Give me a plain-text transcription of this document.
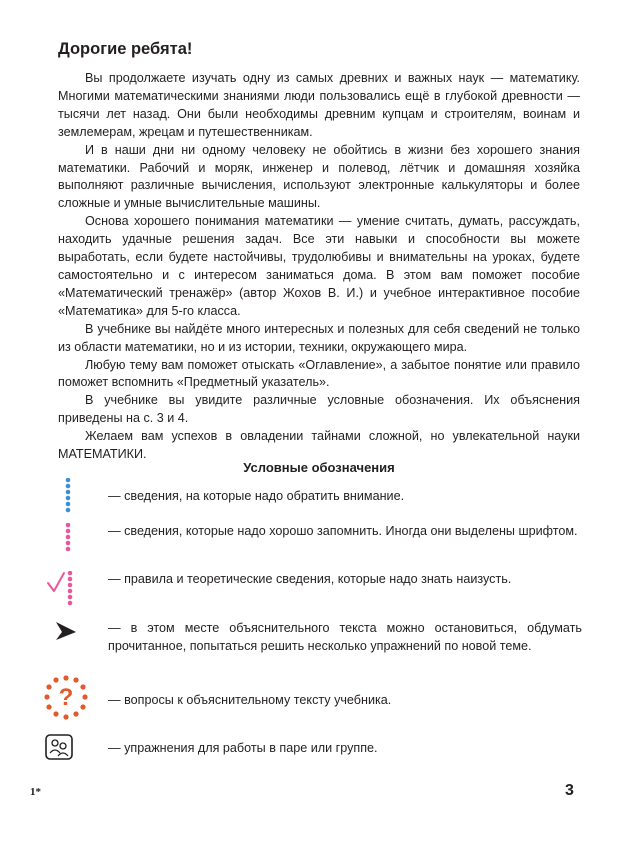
Дорогие ребята!

Вы продолжаете изучать одну из самых древних и важных наук — математику. Многими математическими знаниями люди пользовались ещё в глубокой древности — тысячи лет назад. Они были необходимы древним купцам и строителям, воинам и землемерам, жрецам и путешественникам.

И в наши дни ни одному человеку не обойтись в жизни без хорошего знания математики. Рабочий и моряк, инженер и полевод, лётчик и домашняя хозяйка выполняют различные вычисления, используют электронные калькуляторы и более сложные и умные вычислительные машины.

Основа хорошего понимания математики — умение считать, думать, рассуждать, находить удачные решения задач. Все эти навыки и способности вы можете выработать, если будете настойчивы, трудолюбивы и внимательны на уроках, будете самостоятельно и с интересом заниматься дома. В этом вам поможет пособие «Математический тренажёр» (автор Жохов В. И.) и учебное интерактивное пособие «Математика» для 5-го класса.

В учебнике вы найдёте много интересных и полезных для себя сведений не только из области математики, но и из истории, техники, окружающего мира.

Любую тему вам поможет отыскать «Оглавление», а забытое понятие или правило поможет вспомнить «Предметный указатель».

В учебнике вы увидите различные условные обозначения. Их объяснения приведены на с. 3 и 4.

Желаем вам успехов в овладении тайнами сложной, но увлекательной науки МАТЕМАТИКИ.

Условные обозначения
— сведения, на которые надо обратить внимание.
— сведения, которые надо хорошо запомнить. Иногда они выделены шрифтом.
— правила и теоретические сведения, которые надо знать наизусть.
— в этом месте объяснительного текста можно остановиться, обдумать прочитанное, попытаться решить несколько упражнений по новой теме.
?	— вопросы к объяснительному тексту учебника.
— упражнения для работы в паре или группе.
1*	3
